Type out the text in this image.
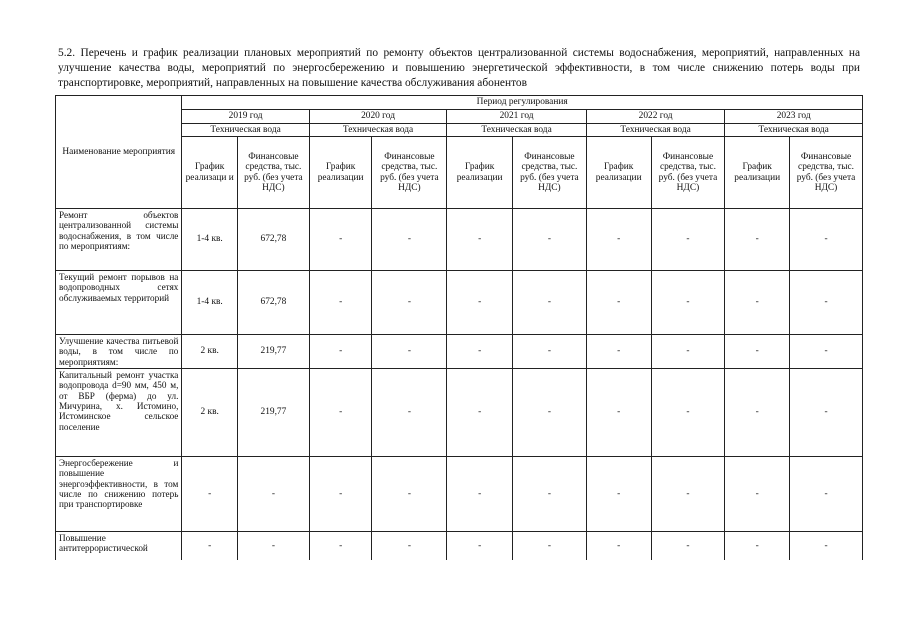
5.2. Перечень и график реализации плановых мероприятий по ремонту объектов централизованной системы водоснабжения, мероприятий, направленных на улучшение качества воды, мероприятий по энергосбережению и повышению энергетической эффективности, в том числе снижению потерь воды при транспортировке, мероприятий, направленных на повышение качества обслуживания абонентов
Наименование мероприятия	Период регулирования									
	2019 год		2020 год		2021 год		2022 год		2023 год	
	Техническая вода		Техническая вода		Техническая вода		Техническая вода		Техническая вода	
	График реализаци и	Финансовые средства, тыс. руб. (без учета НДС)	График реализации	Финансовые средства, тыс. руб. (без учета НДС)	График реализации	Финансовые средства, тыс. руб. (без учета НДС)	График реализации	Финансовые средства, тыс. руб. (без учета НДС)	График реализации	Финансовые средства, тыс. руб. (без учета НДС)
Ремонт объектов централизованной системы водоснабжения, в том числе по мероприятиям:	1-4 кв.	672,78	-	-	-	-	-	-	-	-
Текущий ремонт порывов на водопроводных сетях обслуживаемых территорий	1-4 кв.	672,78	-	-	-	-	-	-	-	-
Улучшение качества питьевой воды, в том числе по мероприятиям:	2 кв.	219,77	-	-	-	-	-	-	-	-
Капитальный ремонт участка водопровода d=90 мм, 450 м, от ВБР (ферма) до ул. Мичурина, х. Истомино, Истоминское сельское поселение	2 кв.	219,77	-	-	-	-	-	-	-	-
Энергосбережение и повышение энергоэффективности, в том числе по снижению потерь при транспортировке	-	-	-	-	-	-	-	-	-	-
Повышение антитеррористической	-	-	-	-	-	-	-	-	-	-
